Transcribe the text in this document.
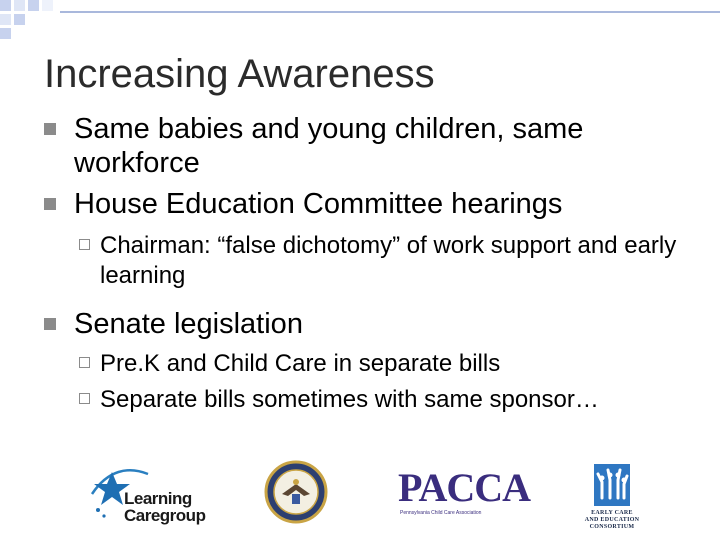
Increasing Awareness
Same babies and young children, same workforce
House Education Committee hearings
Chairman: “false dichotomy” of work support and early learning
Senate legislation
Pre.K and Child Care in separate bills
Separate bills sometimes with same sponsor…
Learning
Caregroup
PACCA
Pennsylvania Child Care Association	EARLY CARE
AND EDUCATION
CONSORTIUM
